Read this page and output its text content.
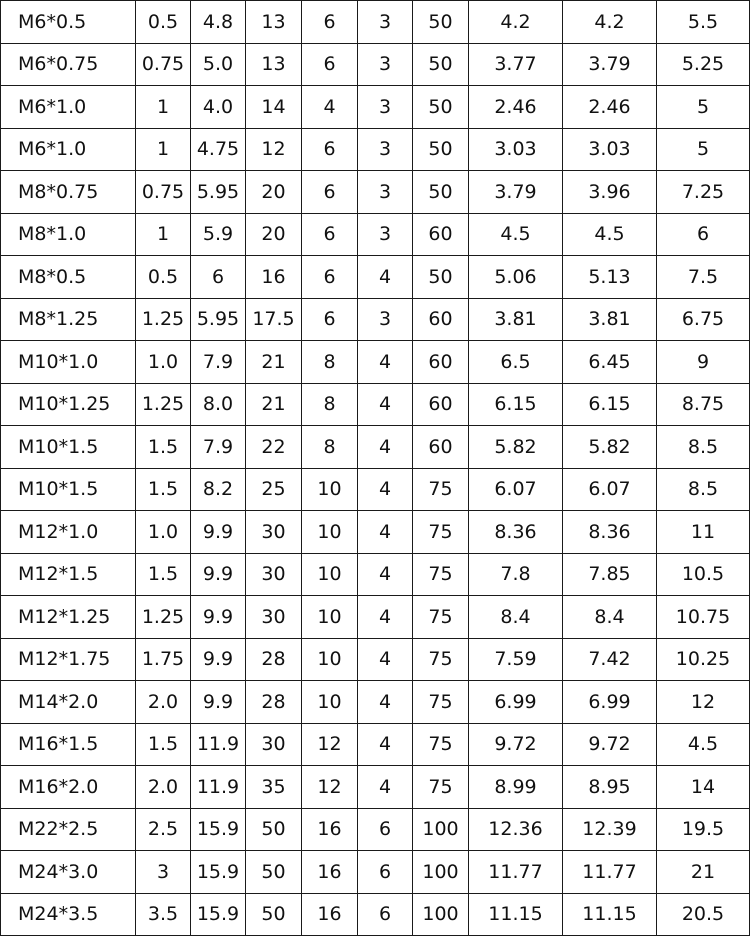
M6*0.5	0.5	4.8	13	6	3	50	4.2	4.2	5.5
M6*0.75	0.75	5.0	13	6	3	50	3.77	3.79	5.25
M6*1.0	1	4.0	14	4	3	50	2.46	2.46	5
M6*1.0	1	4.75	12	6	3	50	3.03	3.03	5
M8*0.75	0.75	5.95	20	6	3	50	3.79	3.96	7.25
M8*1.0	1	5.9	20	6	3	60	4.5	4.5	6
M8*0.5	0.5	6	16	6	4	50	5.06	5.13	7.5
M8*1.25	1.25	5.95	17.5	6	3	60	3.81	3.81	6.75
M10*1.0	1.0	7.9	21	8	4	60	6.5	6.45	9
M10*1.25	1.25	8.0	21	8	4	60	6.15	6.15	8.75
M10*1.5	1.5	7.9	22	8	4	60	5.82	5.82	8.5
M10*1.5	1.5	8.2	25	10	4	75	6.07	6.07	8.5
M12*1.0	1.0	9.9	30	10	4	75	8.36	8.36	11
M12*1.5	1.5	9.9	30	10	4	75	7.8	7.85	10.5
M12*1.25	1.25	9.9	30	10	4	75	8.4	8.4	10.75
M12*1.75	1.75	9.9	28	10	4	75	7.59	7.42	10.25
M14*2.0	2.0	9.9	28	10	4	75	6.99	6.99	12
M16*1.5	1.5	11.9	30	12	4	75	9.72	9.72	4.5
M16*2.0	2.0	11.9	35	12	4	75	8.99	8.95	14
M22*2.5	2.5	15.9	50	16	6	100	12.36	12.39	19.5
M24*3.0	3	15.9	50	16	6	100	11.77	11.77	21
M24*3.5	3.5	15.9	50	16	6	100	11.15	11.15	20.5
